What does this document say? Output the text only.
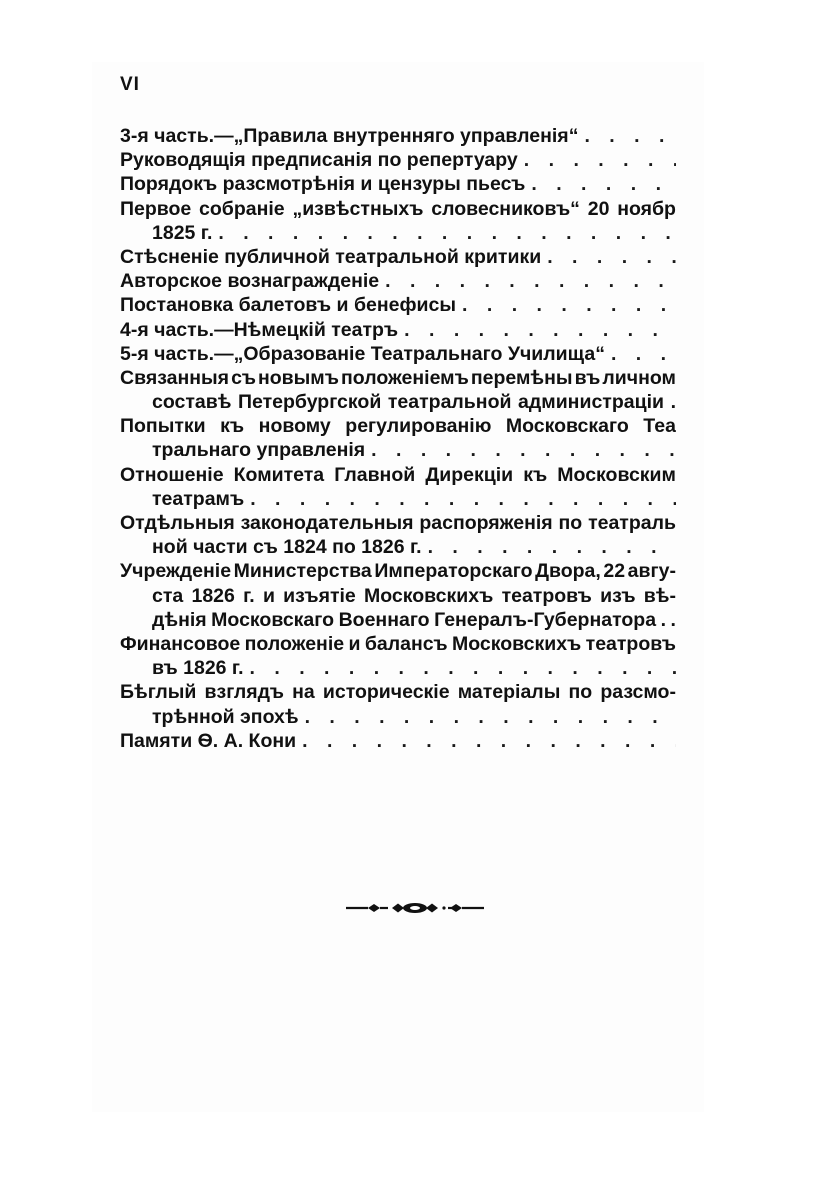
VI
3-я часть.—„Правила внутренняго управленія“
. . .
Руководящія предписанія по репертуару
. . .
Порядокъ разсмотрѣнія и цензуры пьесъ
. . .
Первое собраніе „извѣстныхъ словесниковъ“ 20 ноябр
1825 г.
. . .
Стѣсненіе публичной театральной критики
. . .
Авторское вознагражденіе
. . .
Постановка балетовъ и бенефисы
. . .
4-я часть.—Нѣмецкій театръ
. . .
5-я часть.—„Образованіе Театральнаго Училища“
. . .
Связанныя съ новымъ положеніемъ перемѣны въ личном
составѣ Петербургской театральной администраціи .
Попытки къ новому регулированію Московскаго Теа
тральнаго управленія
. . .
Отношеніе Комитета Главной Дирекціи къ Московским
театрамъ
. . .
Отдѣльныя законодательныя распоряженія по театраль
ной части съ 1824 по 1826 г.
. . .
Учрежденіе Министерства Императорскаго Двора, 22 авгу-
ста 1826 г. и изъятіе Московскихъ театровъ изъ вѣ-
дѣнія Московскаго Военнаго Генералъ-Губернатора . .
Финансовое положеніе и балансъ Московскихъ театровъ
въ 1826 г.
. . .
Бѣглый взглядъ на историческіе матеріалы по разсмо-
трѣнной эпохѣ
. . .
Памяти Ѳ. А. Кони
. . .
